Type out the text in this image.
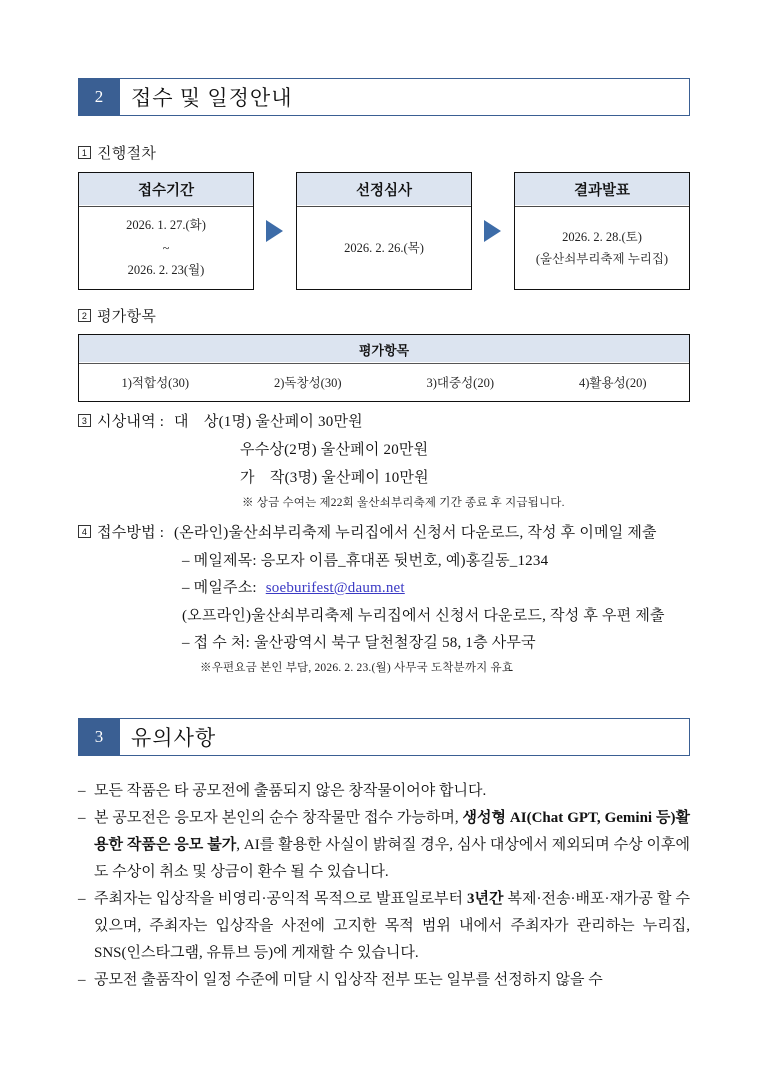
2	접수 및 일정안내
1 진행절차
접수기간
2026. 1. 27.(화)
~
2026. 2. 23(월)
선정심사
2026. 2. 26.(목)
결과발표
2026. 2. 28.(토)
(울산쇠부리축제 누리집)
2 평가항목
평가항목
1)적합성(30)	2)독창성(30)	3)대중성(20)	4)활용성(20)
3 시상내역 : 대　상(1명) 울산페이 30만원
우수상(2명) 울산페이 20만원
가　작(3명) 울산페이 10만원
※ 상금 수여는 제22회 울산쇠부리축제 기간 종료 후 지급됩니다.
4 접수방법 : (온라인)울산쇠부리축제 누리집에서 신청서 다운로드, 작성 후 이메일 제출
– 메일제목: 응모자 이름_휴대폰 뒷번호, 예)홍길동_1234
– 메일주소: soeburifest@daum.net
(오프라인)울산쇠부리축제 누리집에서 신청서 다운로드, 작성 후 우편 제출
– 접 수 처: 울산광역시 북구 달천철장길 58, 1층 사무국
※우편요금 본인 부담, 2026. 2. 23.(월) 사무국 도착분까지 유효
3	유의사항
– 모든 작품은 타 공모전에 출품되지 않은 창작물이어야 합니다.
– 본 공모전은 응모자 본인의 순수 창작물만 접수 가능하며, 생성형 AI(Chat GPT, Gemini 등)활용한 작품은 응모 불가, AI를 활용한 사실이 밝혀질 경우, 심사 대상에서 제외되며 수상 이후에도 수상이 취소 및 상금이 환수 될 수 있습니다.
– 주최자는 입상작을 비영리·공익적 목적으로 발표일로부터 3년간 복제·전송·배포·재가공 할 수있으며, 주최자는 입상작을 사전에 고지한 목적 범위 내에서 주최자가 관리하는 누리집, SNS(인스타그램, 유튜브 등)에 게재할 수 있습니다.
– 공모전 출품작이 일정 수준에 미달 시 입상작 전부 또는 일부를 선정하지 않을 수
